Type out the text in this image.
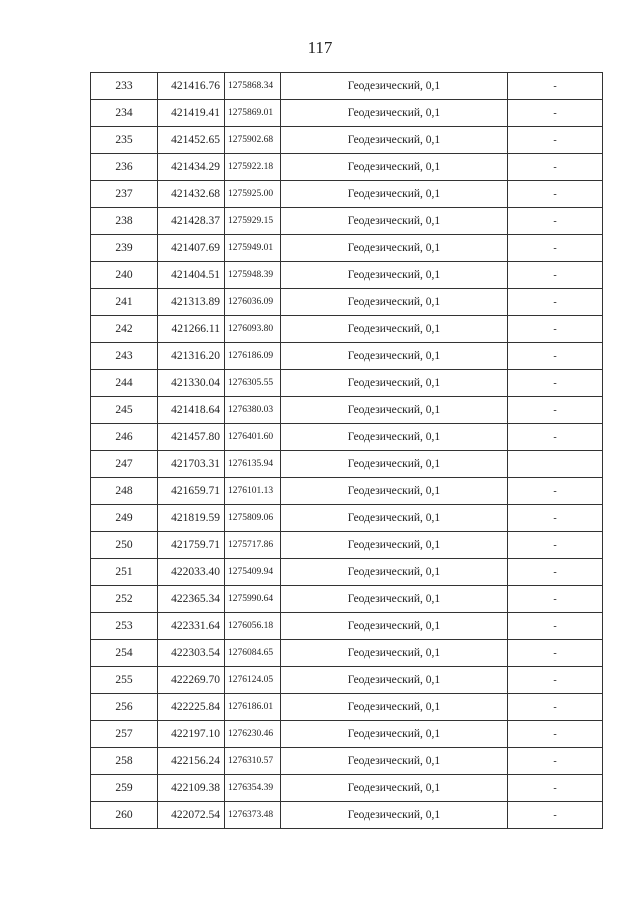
117
233	421416.76	1275868.34	Геодезический, 0,1	-
234	421419.41	1275869.01	Геодезический, 0,1	-
235	421452.65	1275902.68	Геодезический, 0,1	-
236	421434.29	1275922.18	Геодезический, 0,1	-
237	421432.68	1275925.00	Геодезический, 0,1	-
238	421428.37	1275929.15	Геодезический, 0,1	-
239	421407.69	1275949.01	Геодезический, 0,1	-
240	421404.51	1275948.39	Геодезический, 0,1	-
241	421313.89	1276036.09	Геодезический, 0,1	-
242	421266.11	1276093.80	Геодезический, 0,1	-
243	421316.20	1276186.09	Геодезический, 0,1	-
244	421330.04	1276305.55	Геодезический, 0,1	-
245	421418.64	1276380.03	Геодезический, 0,1	-
246	421457.80	1276401.60	Геодезический, 0,1	-
247	421703.31	1276135.94	Геодезический, 0,1	
248	421659.71	1276101.13	Геодезический, 0,1	-
249	421819.59	1275809.06	Геодезический, 0,1	-
250	421759.71	1275717.86	Геодезический, 0,1	-
251	422033.40	1275409.94	Геодезический, 0,1	-
252	422365.34	1275990.64	Геодезический, 0,1	-
253	422331.64	1276056.18	Геодезический, 0,1	-
254	422303.54	1276084.65	Геодезический, 0,1	-
255	422269.70	1276124.05	Геодезический, 0,1	-
256	422225.84	1276186.01	Геодезический, 0,1	-
257	422197.10	1276230.46	Геодезический, 0,1	-
258	422156.24	1276310.57	Геодезический, 0,1	-
259	422109.38	1276354.39	Геодезический, 0,1	-
260	422072.54	1276373.48	Геодезический, 0,1	-
